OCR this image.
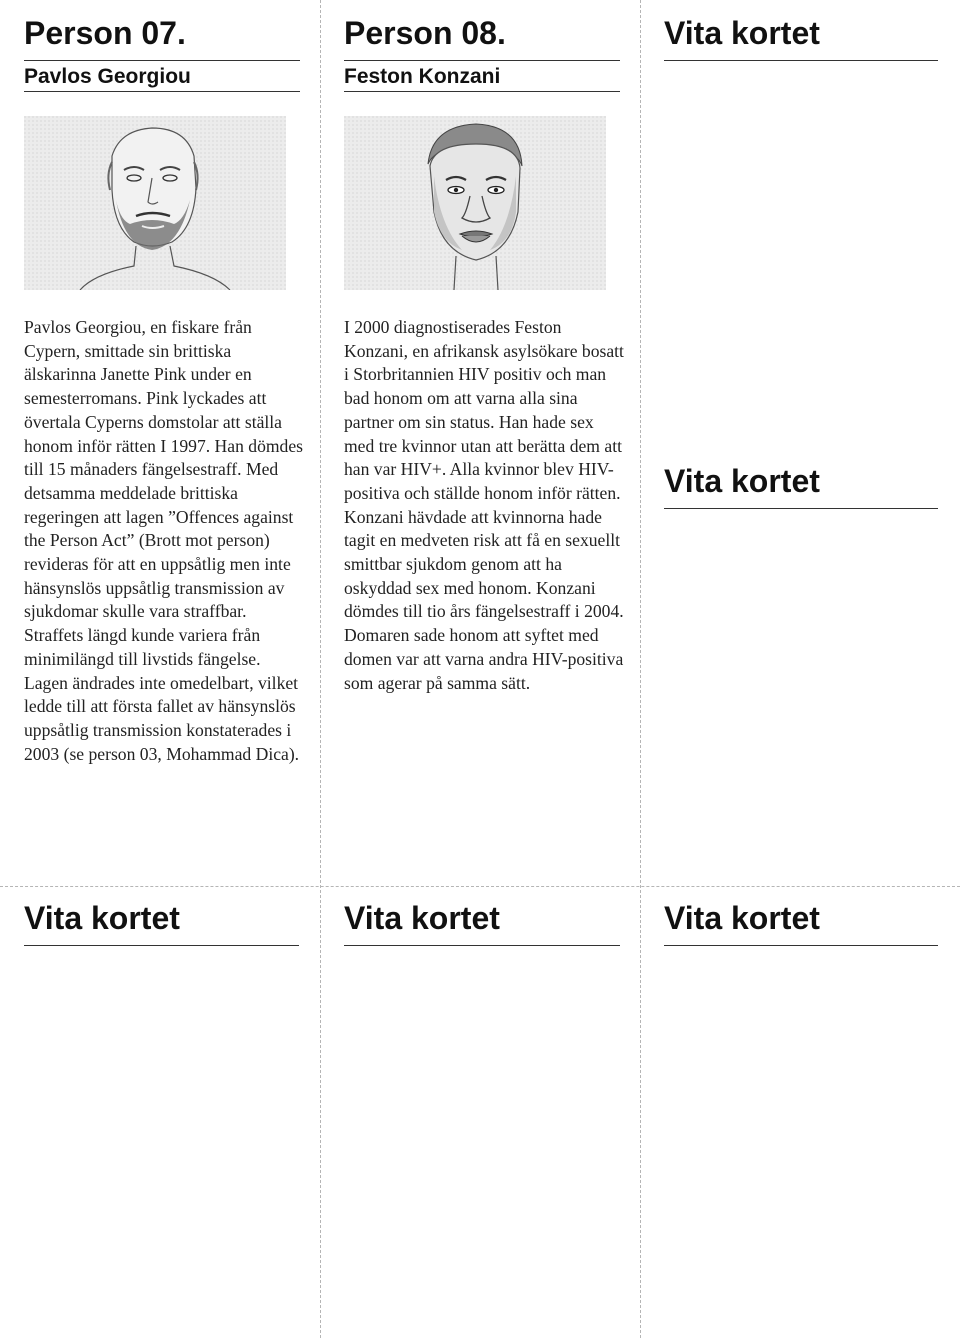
Person 07.
Pavlos Georgiou

Pavlos Georgiou, en fiskare från Cypern, smittade sin brittiska älskarinna Janette Pink under en semesterromans. Pink lyckades att övertala Cyperns domstolar att ställa honom inför rätten I 1997. Han dömdes till 15 månaders fängelsestraff. Med detsamma meddelade brittiska regeringen att lagen ”Offences against the Person Act” (Brott mot person) revideras för att en uppsåtlig men inte hänsynslös uppsåtlig transmission av sjukdomar skulle vara straffbar. Straffets längd kunde variera från minimilängd till livstids fängelse. Lagen ändrades inte omedelbart, vilket ledde till att första fallet av hänsynslös uppsåtlig transmission konstaterades i 2003 (se person 03, Mohammad Dica).

Person 08.
Feston Konzani

I 2000 diagnostiserades Feston Konzani, en afrikansk asylsökare bosatt i Storbritannien HIV positiv och man bad honom om att varna alla sina partner om sin status. Han hade sex med tre kvinnor utan att berätta dem att han var HIV+. Alla kvinnor blev HIV-positiva och ställde honom inför rätten. Konzani hävdade att kvinnorna hade tagit en medveten risk att få en sexuellt smittbar sjukdom genom att ha oskyddad sex med honom. Konzani dömdes till tio års fängelsestraff i 2004. Domaren sade honom att syftet med domen var att varna andra HIV-positiva som agerar på samma sätt.

Vita kortet
Vita kortet
Vita kortet	Vita kortet	Vita kortet
